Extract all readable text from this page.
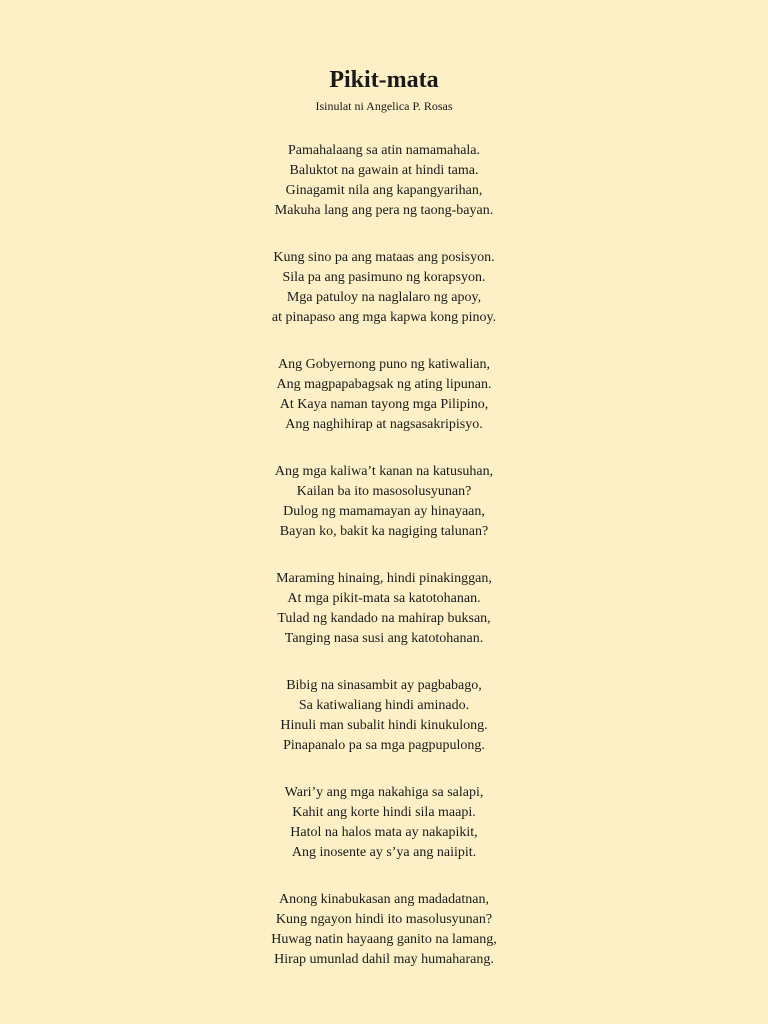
Pikit-mata

Isinulat ni Angelica P. Rosas

Pamahalaang sa atin namamahala.
Baluktot na gawain at hindi tama.
Ginagamit nila ang kapangyarihan,
Makuha lang ang pera ng taong-bayan.
Kung sino pa ang mataas ang posisyon.
Sila pa ang pasimuno ng korapsyon.
Mga patuloy na naglalaro ng apoy,
at pinapaso ang mga kapwa kong pinoy.
Ang Gobyernong puno ng katiwalian,
Ang magpapabagsak ng ating lipunan.
At Kaya naman tayong mga Pilipino,
Ang naghihirap at nagsasakripisyo.
Ang mga kaliwa’t kanan na katusuhan,
Kailan ba ito masosolusyunan?
Dulog ng mamamayan ay hinayaan,
Bayan ko, bakit ka nagiging talunan?
Maraming hinaing, hindi pinakinggan,
At mga pikit-mata sa katotohanan.
Tulad ng kandado na mahirap buksan,
Tanging nasa susi ang katotohanan.
Bibig na sinasambit ay pagbabago,
Sa katiwaliang hindi aminado.
Hinuli man subalit hindi kinukulong.
Pinapanalo pa sa mga pagpupulong.
Wari’y ang mga nakahiga sa salapi,
Kahit ang korte hindi sila maapi.
Hatol na halos mata ay nakapikit,
Ang inosente ay s’ya ang naiipit.
Anong kinabukasan ang madadatnan,
Kung ngayon hindi ito masolusyunan?
Huwag natin hayaang ganito na lamang,
Hirap umunlad dahil may humaharang.
